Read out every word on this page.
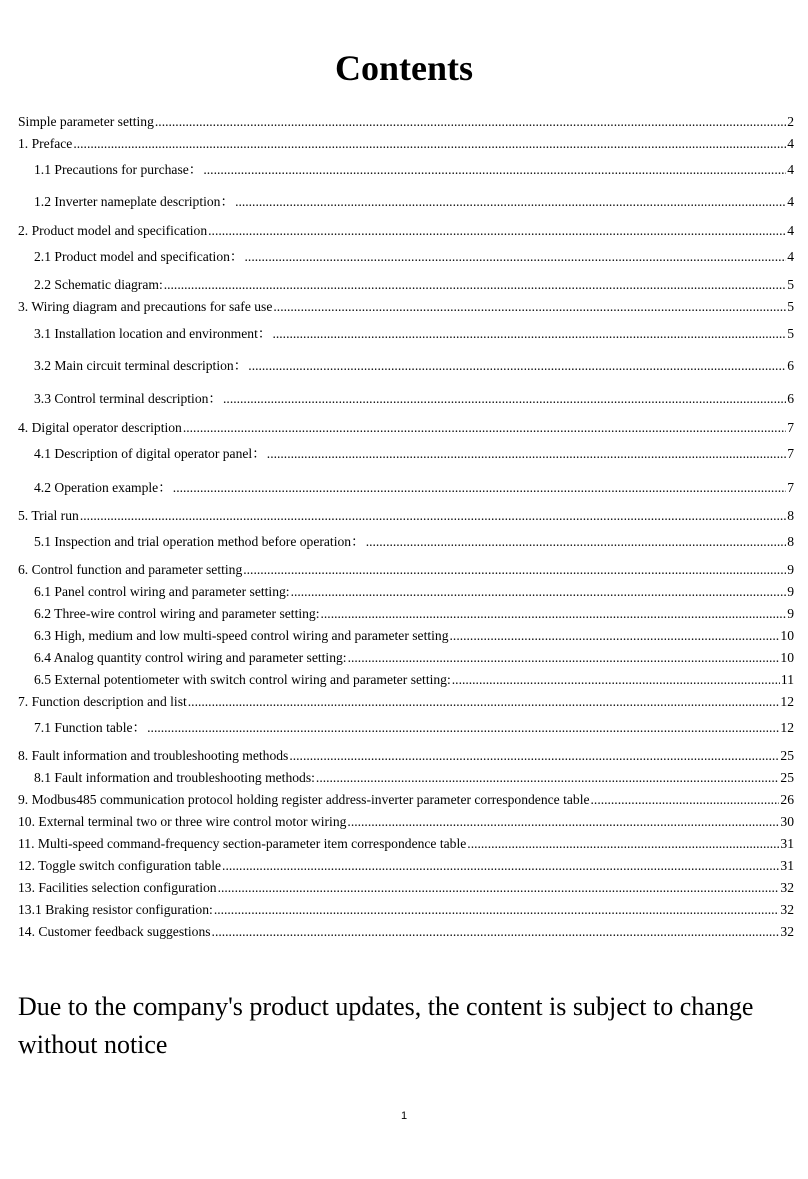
Contents
Simple parameter setting .....	2
1. Preface .....	4
1.1 Precautions for purchase： .....	4
1.2 Inverter nameplate description： .....	4
2. Product model and specification .....	4
2.1 Product model and specification： .....	4
2.2 Schematic diagram: .....	5
3. Wiring diagram and precautions for safe use .....	5
3.1 Installation location and environment： .....	5
3.2 Main circuit terminal description： .....	6
3.3 Control terminal description： .....	6
4. Digital operator description .....	7
4.1 Description of digital operator panel： .....	7
4.2 Operation example： .....	7
5. Trial run .....	8
5.1 Inspection and trial operation method before operation： .....	8
6. Control function and parameter setting .....	9
6.1 Panel control wiring and parameter setting: .....	9
6.2 Three-wire control wiring and parameter setting: .....	9
6.3 High, medium and low multi-speed control wiring and parameter setting .....	10
6.4 Analog quantity control wiring and parameter setting: .....	10
6.5 External potentiometer with switch control wiring and parameter setting: .....	11
7. Function description and list .....	12
7.1 Function table： .....	12
8. Fault information and troubleshooting methods .....	25
8.1 Fault information and troubleshooting methods: .....	25
9. Modbus485 communication protocol holding register address-inverter parameter correspondence table .....	26
10. External terminal two or three wire control motor wiring .....	30
11. Multi-speed command-frequency section-parameter item correspondence table .....	31
12. Toggle switch configuration table .....	31
13. Facilities selection configuration .....	32
13.1 Braking resistor configuration: .....	32
14. Customer feedback suggestions .....	32
Due to the company's product updates, the content is subject to change without notice
1
